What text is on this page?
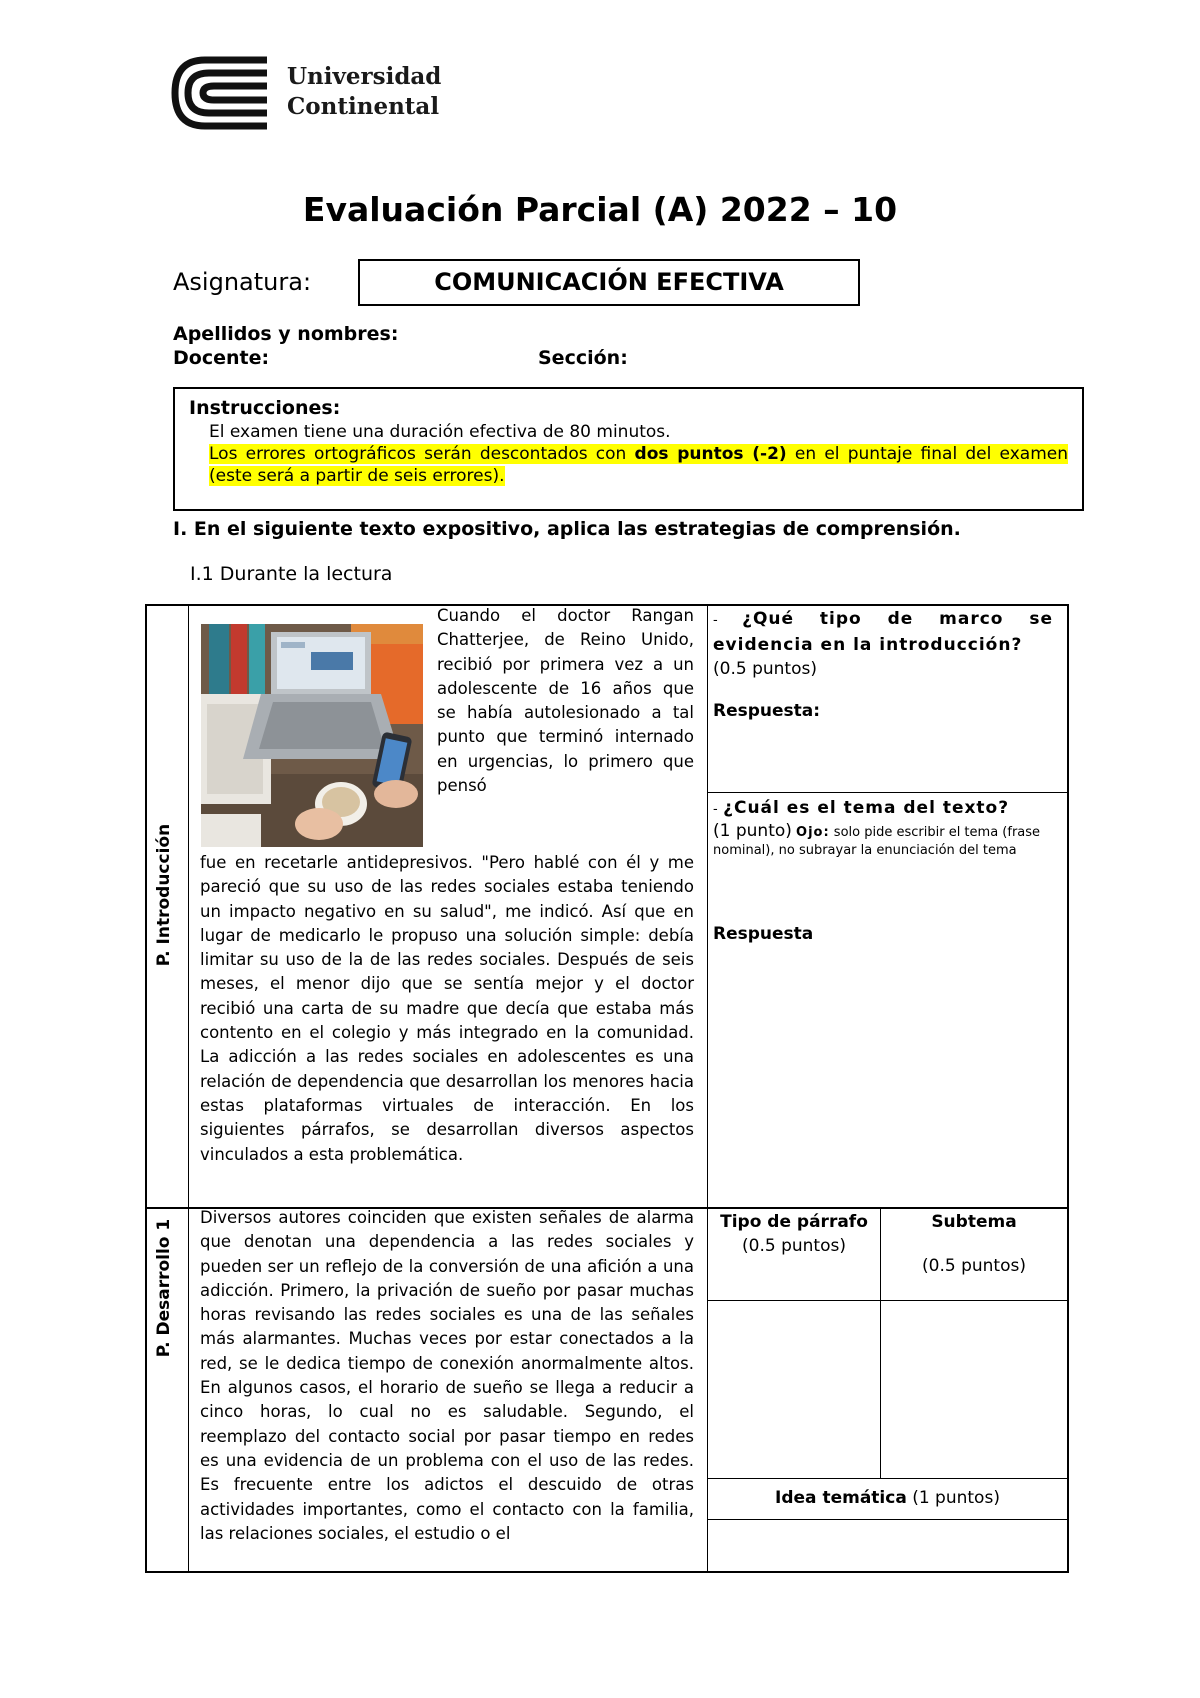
Universidad
Continental
Evaluación Parcial (A) 2022 – 10
Asignatura:	COMUNICACIÓN EFECTIVA
Apellidos y nombres:
Docente:	Sección:
Instrucciones:
El examen tiene una duración efectiva de 80 minutos.
Los errores ortográficos serán descontados con dos puntos (-2) en el puntaje final del examen (este será a partir de seis errores).
I. En el siguiente texto expositivo, aplica las estrategias de comprensión.
I.1 Durante la lectura
P. Introducción
Cuando el doctor Rangan Chatterjee, de Reino Unido, recibió por primera vez a un adolescente de 16 años que se había autolesionado a tal punto que terminó internado en urgencias, lo primero que pensó
fue en recetarle antidepresivos. "Pero hablé con él y me pareció que su uso de las redes sociales estaba teniendo un impacto negativo en su salud", me indicó. Así que en lugar de medicarlo le propuso una solución simple: debía limitar su uso de la de las redes sociales. Después de seis meses, el menor dijo que se sentía mejor y el doctor recibió una carta de su madre que decía que estaba más contento en el colegio y más integrado en la comunidad. La adicción a las redes sociales en adolescentes es una relación de dependencia que desarrollan los menores hacia estas plataformas virtuales de interacción. En los siguientes párrafos, se desarrollan diversos aspectos vinculados a esta problemática.
- ¿Qué tipo de marco se evidencia en la introducción?
(0.5 puntos)
Respuesta:
- ¿Cuál es el tema del texto?
(1 punto) Ojo: solo pide escribir el tema (frase nominal), no subrayar la enunciación del tema
Respuesta
P. Desarrollo 1
Diversos autores coinciden que existen señales de alarma que denotan una dependencia a las redes sociales y pueden ser un reflejo de la conversión de una afición a una adicción. Primero, la privación de sueño por pasar muchas horas revisando las redes sociales es una de las señales más alarmantes. Muchas veces por estar conectados a la red, se le dedica tiempo de conexión anormalmente altos. En algunos casos, el horario de sueño se llega a reducir a cinco horas, lo cual no es saludable. Segundo, el reemplazo del contacto social por pasar tiempo en redes es una evidencia de un problema con el uso de las redes. Es frecuente entre los adictos el descuido de otras actividades importantes, como el contacto con la familia, las relaciones sociales, el estudio o el
Tipo de párrafo (0.5 puntos)
Subtema
(0.5 puntos)
Idea temática (1 puntos)
